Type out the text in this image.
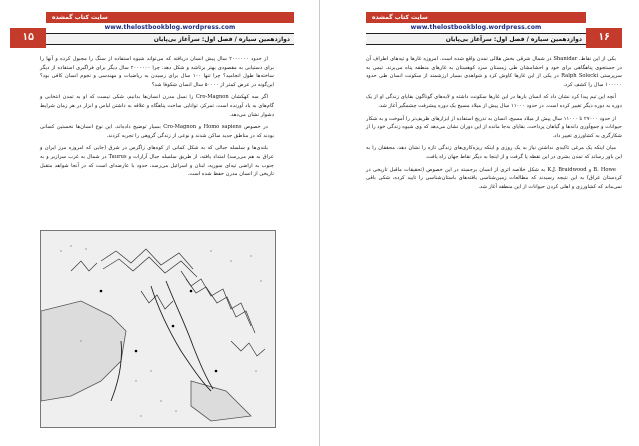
۱۵
سایت کتاب گمشده
www.thelostbookblog.wordpress.com
دوازدهمین سیاره / فصل اول: سرآغاز بی‌پایان

از حدود ۲۰۰۰۰۰۰ سال پیش انسان دریافته که می‌تواند شیوه استفاده از سنگ را مجبول کرده و آنها را برای دستیابی به مقصودی بهتر برتاشه و شکل دهد. چرا ۲۰۰۰۰۰۰ سال دیگر برای فراگیری استفاده از دیگر ساخته‌ها طول انجامید؟ چرا تنها ۱۰۰ سال برای رسیدن به ریاضیات و مهندسی و نجوم انسان کافی بود؟ این‌گونه در عرض کمتر از ۵۰۰۰۰ سال انسان شکوفا شد؟

اگر سه کهکشان Cro-Magnon را نسل مدرن انسان‌ها بدانیم، شکی نیست که او به تمدن انتخابی و گام‌های به یاد آورنده است. تمرکز، توانایی ساخت پناهگاه و علاقه به داشتن لباس و ابزار در هر زمان شرایط دشوار نشان می‌دهد.

در خصوص Homo sapiens و Cro-Magnon بسیار توضیح داده‌اند. این نوع انسان‌ها نخستین کسانی بودند که در مناطق جدید ساکن شدند و نوعی از زندگی گروهی را تجربه کردند.

بلندی‌ها و سلسله جبالی که به شکل کمانی از کوه‌های زاگرس در شرق (جایی که امروزه مرز ایران و عراق به هم می‌رسد) امتداد یافته، از طریق سلسله جبال آرارات و Taurus در شمال به غرب سرازیر و به جنوب به اراضی تپه‌ای سوریه، لبنان و اسرائیل می‌رسد، حدود با عارضه‌ای است که در آنجا شواهد متقبل تاریخی از انسان مدرن حفظ شده است.

سایت کتاب گمشده
www.thelostbookblog.wordpress.com
دوازدهمین سیاره / فصل اول: سرآغاز بی‌پایان	۱۶

یکی از این نقاط، Shanidar در شمال شرقی بخش هلالی تمدن واقع شده است. امروزه غارها و تپه‌های اطراف آن در جستجوی پناهگاهی برای خود و احشامشان طی زمستان سرد کوهستان به غارهای منطقه پناه می‌برند. تیمی به سرپرستی Ralph Solecki در یکی از این غارها کاوش کرد و شواهدی بسیار ارزشمند از سکونت انسان طی حدود ۱۰۰۰۰۰ سال را کشف کرد.

آنچه این تیم پیدا کرد نشان داد که انسان بارها در این غارها سکونت داشته و لایه‌های گوناگون بقایای زندگی او از یک دوره به دوره دیگر تغییر کرده است. در حدود ۱۱۰۰۰ سال پیش از میلاد مسیح یک دوره پیشرفت چشمگیر آغاز شد.

از حدود ۲۷۰۰۰ تا ۱۱۰۰۰ سال پیش از میلاد مسیح، انسان به تدریج استفاده از ابزارهای ظریف‌تر را آموخت و به شکار حیوانات و جمع‌آوری دانه‌ها و گیاهان پرداخت. بقایای به‌جا مانده از این دوران نشان می‌دهد که وی شیوه زندگی خود را از شکارگری به کشاورزی تغییر داد.

میان اینکه یک مرغی تاکیدی نداشتن نیاز به یک روزی و اینکه ریزه‌کاری‌های زندگی تازه را نشان دهد، محققان را به این باور رساند که تمدن بشری در این نقطه پا گرفت و از اینجا به دیگر نقاط جهان راه یافت.

B. Howe و K.J. Braidwood به شکل خلاصه اثری از انسان برجسته در این خصوص (تحقیقات ماقبل تاریخی در کردستان عراق) به این نتیجه رسیدند که مطالعات زمین‌شناسی یافته‌های باستان‌شناسی را تایید کرده، شکی باقی نمی‌ماند که کشاورزی و اهلی کردن حیوانات از این منطقه آغاز شد.
